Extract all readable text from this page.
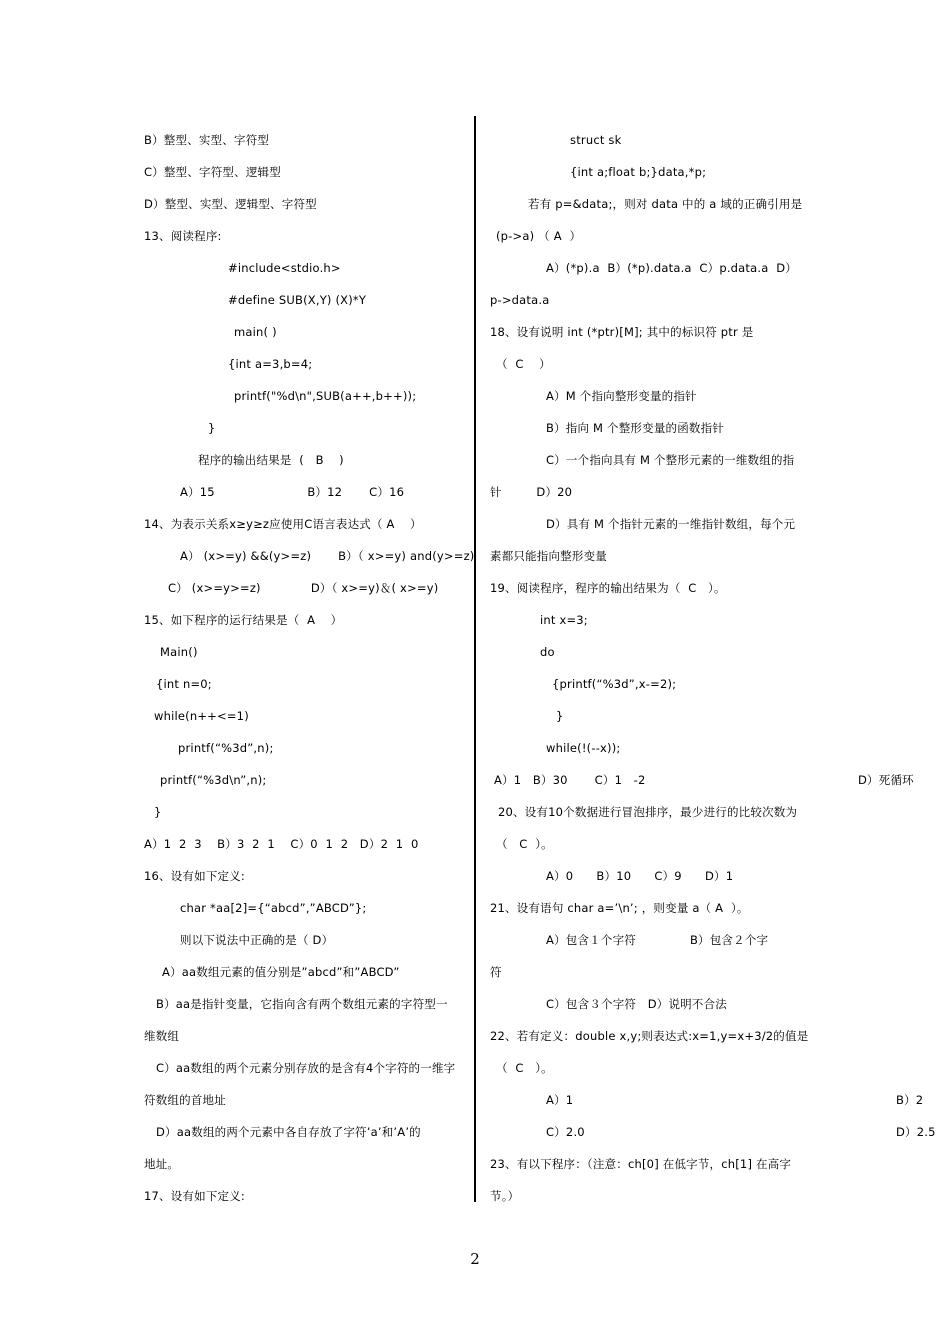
B）整型、实型、字符型
C）整型、字符型、逻辑型
D）整型、实型、逻辑型、字符型
13、阅读程序:
#include<stdio.h>
#define SUB(X,Y) (X)*Y
main( )
{int a=3,b=4;
printf("%d\n",SUB(a++,b++));
}
程序的输出结果是  (   B    )
A）15                        B）12       C）16
14、为表示关系x≥y≥z应使用C语言表达式（ A    ）
A） (x>=y) &&(y>=z)       B）（ x>=y) and(y>=z)
C） (x>=y>=z)             D）（ x>=y)＆( x>=y)
15、如下程序的运行结果是（  A    ）
Main()
{int n=0;
while(n++<=1)
printf(“%3d”,n);
printf(“%3d\n”,n);
}
A）1  2  3    B）3  2  1    C）0  1  2   D）2  1  0
16、设有如下定义:
char *aa[2]={“abcd”,”ABCD”};
则以下说法中正确的是（ D）
A）aa数组元素的值分别是”abcd”和”ABCD”
B）aa是指针变量，它指向含有两个数组元素的字符型一
维数组
C）aa数组的两个元素分别存放的是含有4个字符的一维字
符数组的首地址
D）aa数组的两个元素中各自存放了字符’a’和’A’的
地址。
17、设有如下定义:
struct sk
{int a;float b;}data,*p;
若有 p=&data;，则对 data 中的 a 域的正确引用是
(p->a) （ A  ）
A）(*p).a  B）(*p).data.a  C）p.data.a  D）
p->data.a
18、设有说明 int (*ptr)[M]; 其中的标识符 ptr 是
（  C    ）
A）M 个指向整形变量的指针
B）指向 M 个整形变量的函数指针
C）一个指向具有 M 个整形元素的一维数组的指
针         D）20
D）具有 M 个指针元素的一维指针数组，每个元
素都只能指向整形变量
19、阅读程序，程序的输出结果为（  C   ）。
int x=3;
do
{printf(“%3d”,x-=2);
}
while(!(--x));
A）1   B）30       C）1   -2	D）死循环
20、设有10个数据进行冒泡排序，最少进行的比较次数为
（   C  ）。
A）0      B）10      C）9      D）1
21、设有语句 char a=’\n’; ，则变量 a（ A  ）。
A）包含１个字符              B）包含２个字
符
C）包含３个字符   D）说明不合法
22、若有定义：double x,y;则表达式:x=1,y=x+3/2的值是
（  C   ）。
A）1	B）2
C）2.0	D）2.5
23、有以下程序：（注意：ch[0] 在低字节，ch[1] 在高字
节。）
2
